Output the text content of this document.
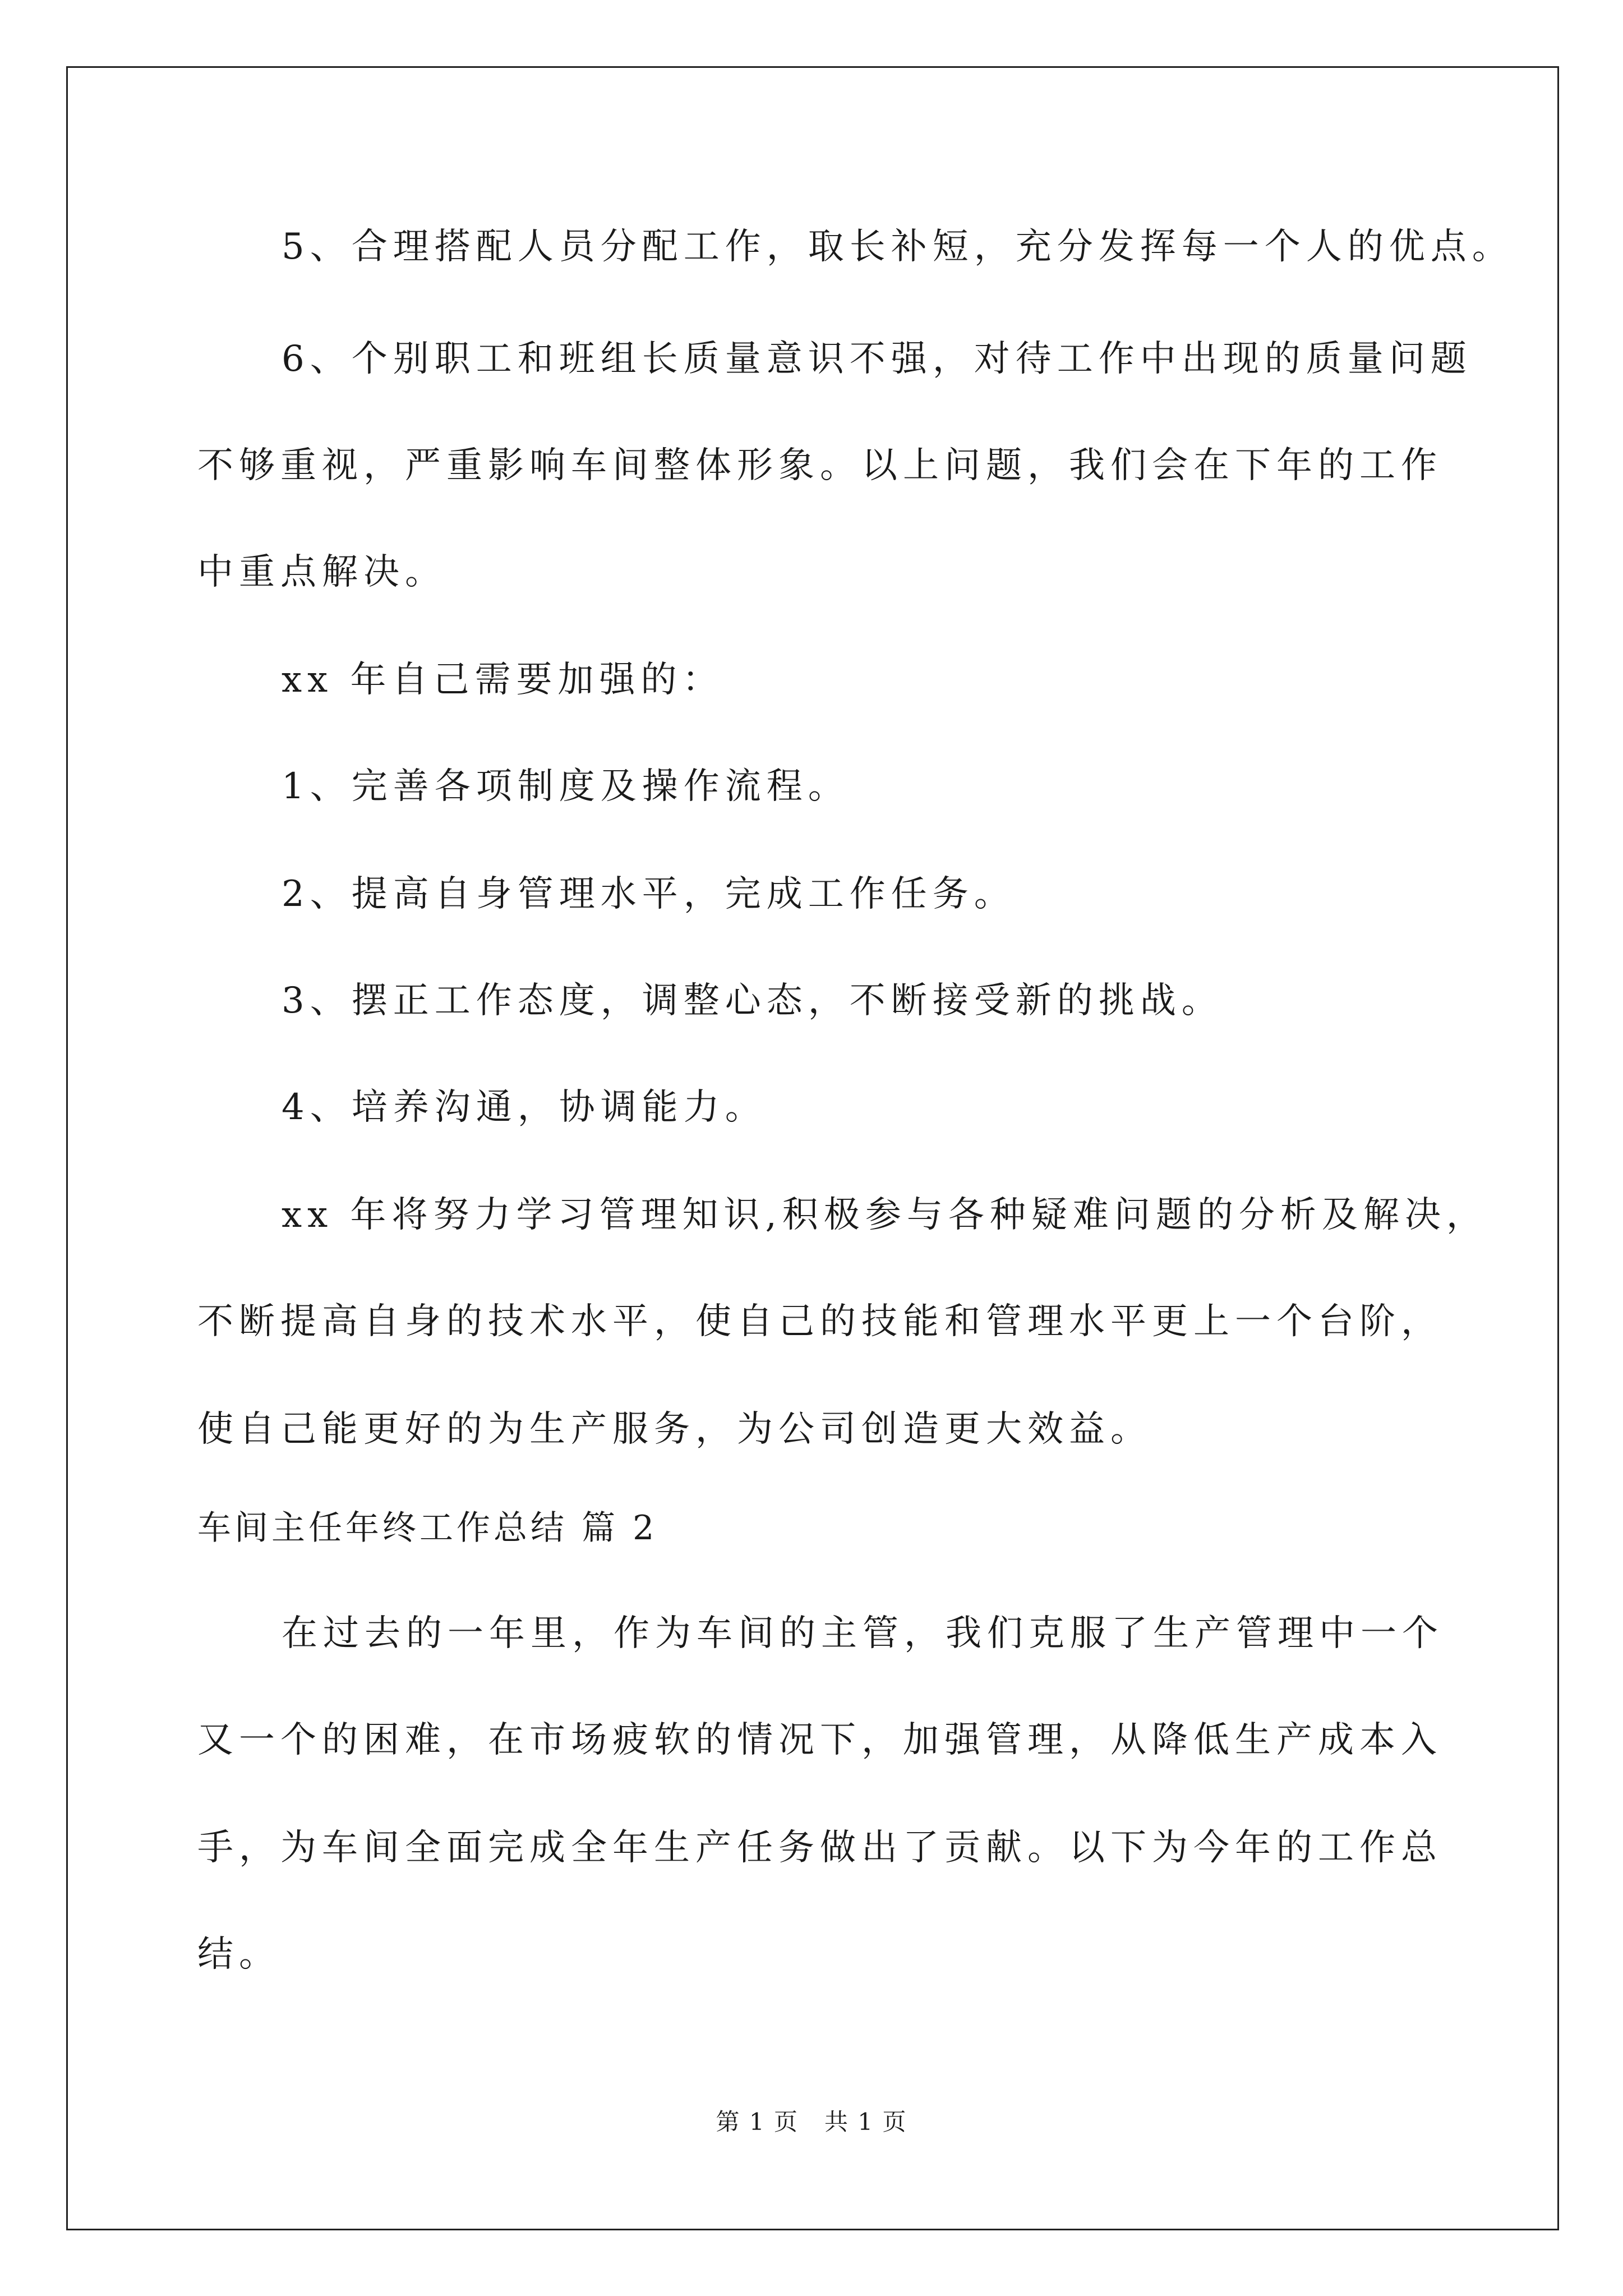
5、合理搭配人员分配工作，取长补短，充分发挥每一个人的优点。
6、个别职工和班组长质量意识不强，对待工作中出现的质量问题
不够重视，严重影响车间整体形象。以上问题，我们会在下年的工作
中重点解决。
xx 年自己需要加强的：
1、完善各项制度及操作流程。
2、提高自身管理水平，完成工作任务。
3、摆正工作态度，调整心态，不断接受新的挑战。
4、培养沟通，协调能力。
xx 年将努力学习管理知识,积极参与各种疑难问题的分析及解决，
不断提高自身的技术水平，使自己的技能和管理水平更上一个台阶，
使自己能更好的为生产服务，为公司创造更大效益。
车间主任年终工作总结 篇 2
在过去的一年里，作为车间的主管，我们克服了生产管理中一个
又一个的困难，在市场疲软的情况下，加强管理，从降低生产成本入
手，为车间全面完成全年生产任务做出了贡献。以下为今年的工作总
结。
第 1 页   共 1 页
